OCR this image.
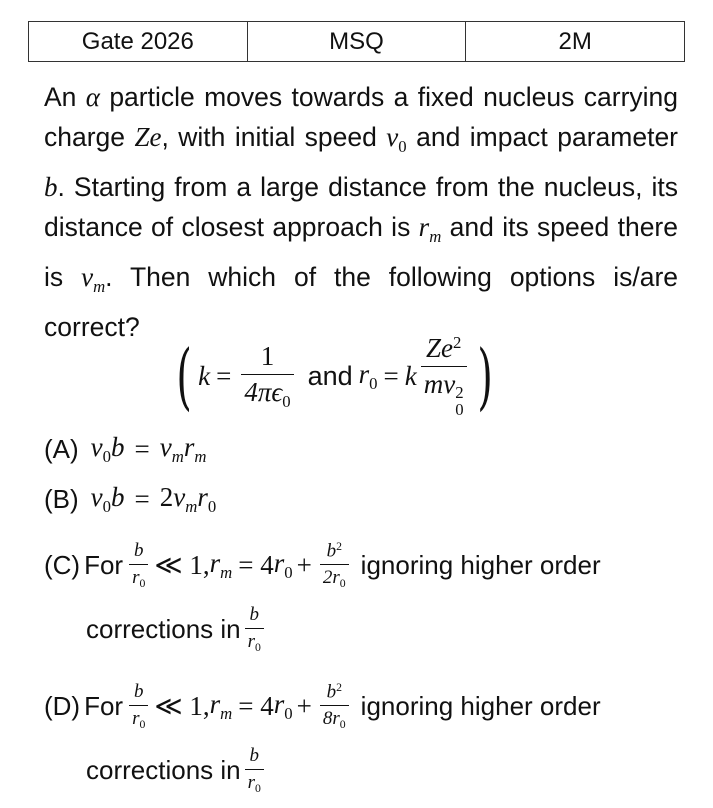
Gate 2026	MSQ	2M
An α particle moves towards a fixed nucleus carrying charge Ze, with initial speed $v_0$ and impact parameter b. Starting from a large distance from the nucleus, its distance of closest approach is $r_m$ and its speed there is $v_m$. Then which of the following options is/are correct?
( $k = \frac{1}{4\pi\epsilon_0}$ and $r_0 = k$ Ze$^2$
mv 2
0 )
(A) $v_0b = v_mr_m$
(B) $v_0b = 2v_mr_0$
(C) For $\frac{b}{r_0}$ ≪ 1, $r_m = 4$ $r_0 + \frac{b^2}{2r_0}$ ignoring higher order
corrections in $\frac{b}{r_0}$
(D) For $\frac{b}{r_0}$ ≪ 1, $r_m = 4$ $r_0 + \frac{b^2}{8r_0}$ ignoring higher order
corrections in $\frac{b}{r_0}$
